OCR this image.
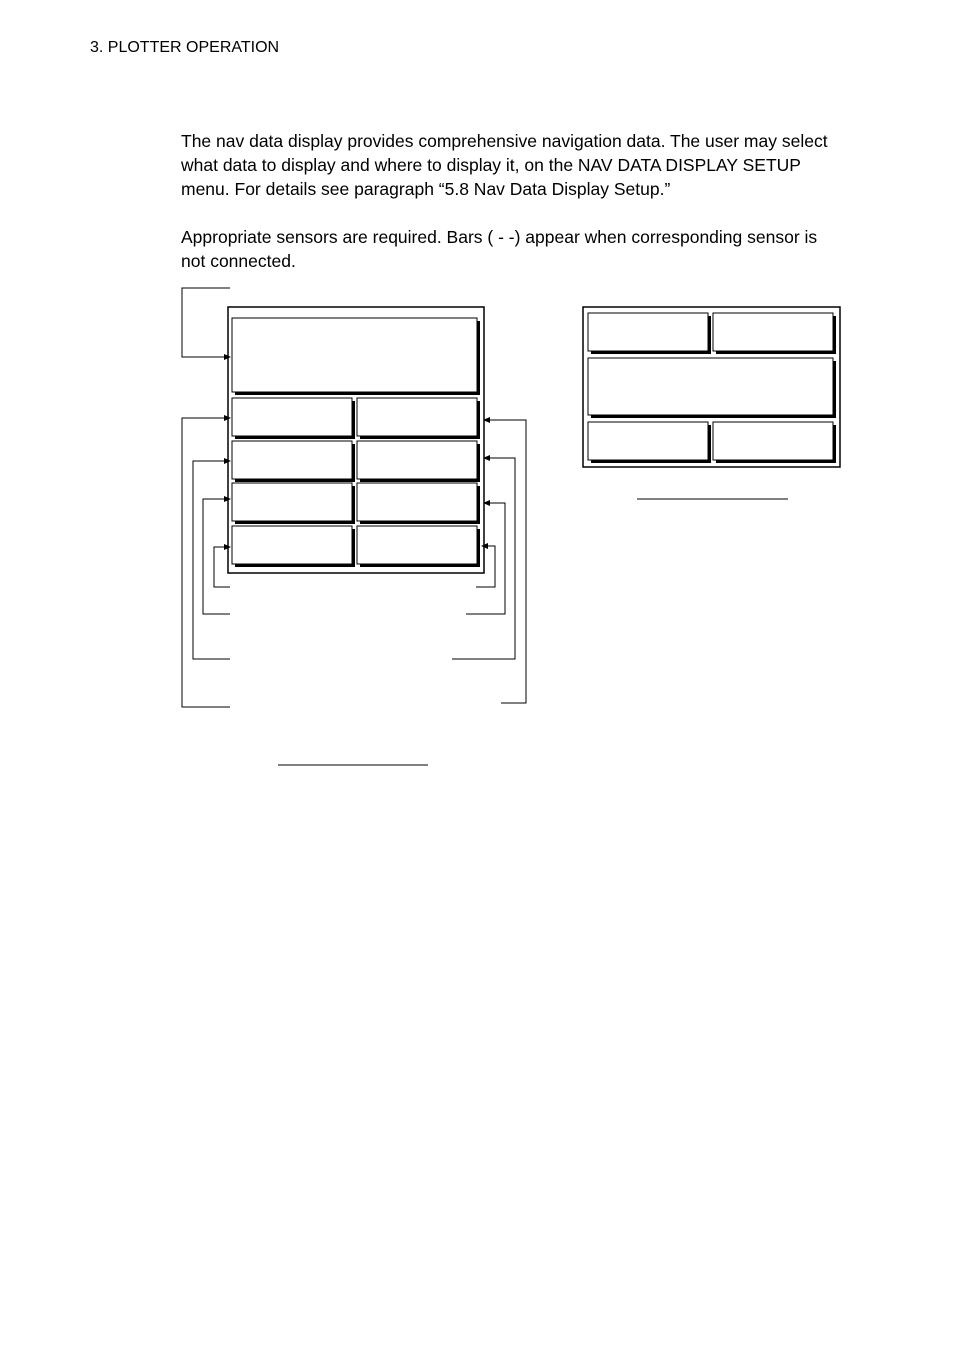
3. PLOTTER OPERATION

The nav data display provides comprehensive navigation data. The user may select what data to display and where to display it, on the NAV DATA DISPLAY SETUP menu. For details see paragraph “5.8 Nav Data Display Setup.”

Appropriate sensors are required. Bars ( - -) appear when corresponding sensor is not connected.
